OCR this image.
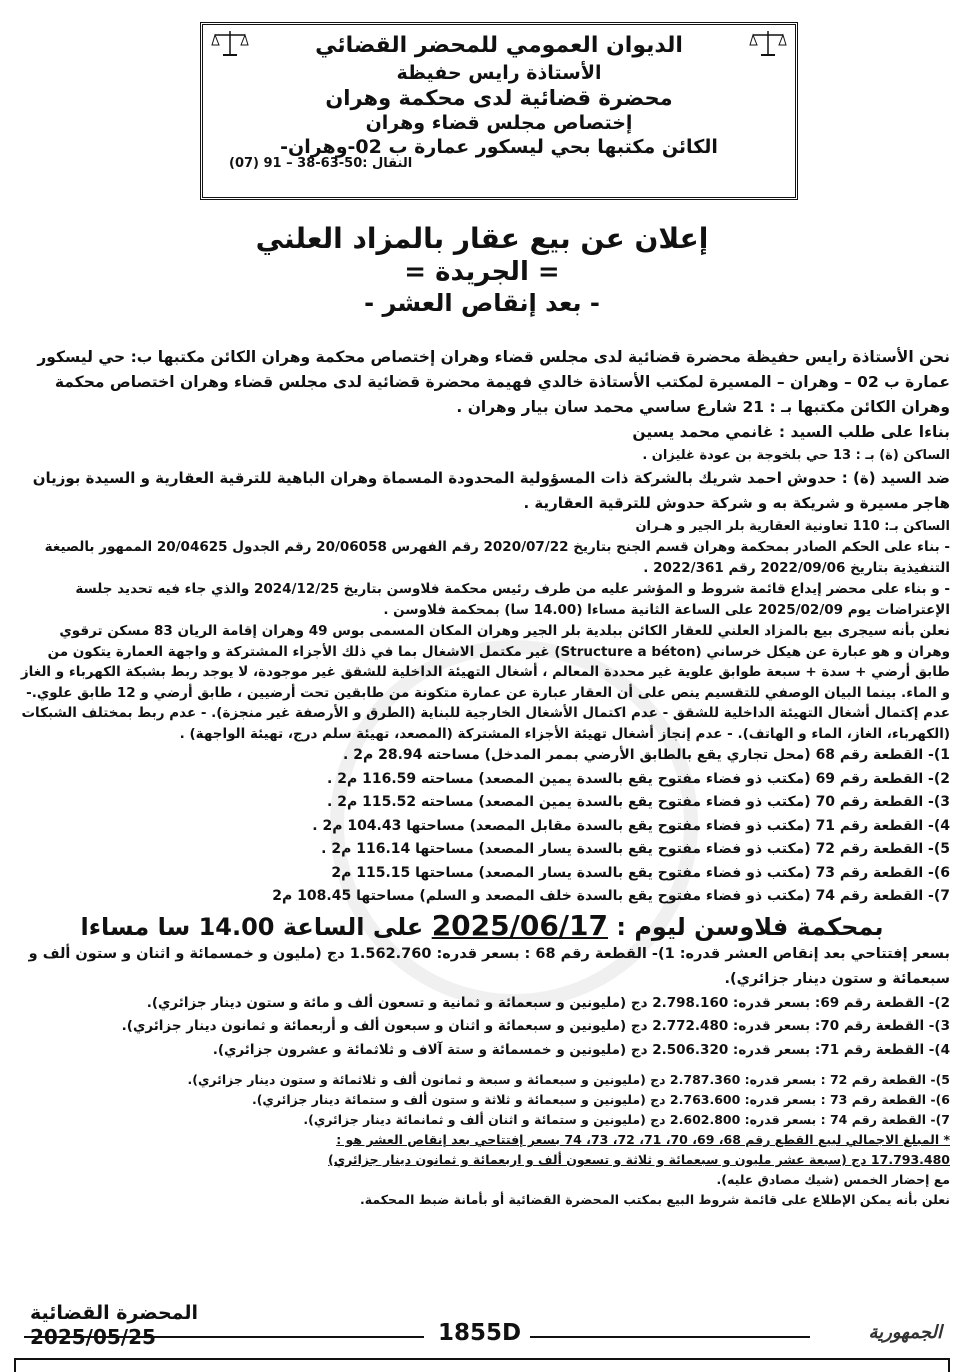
الديوان العمومي للمحضر القضائي
الأستاذة رايس حفيظة
محضرة قضائية لدى محكمة وهران
إختصاص مجلس قضاء وهران
الكائن مكتبها بحي ليسكور عمارة ب 02-وهران-
النقال :50-63-38 – 91 (07)
إعلان عن بيع عقار بالمزاد العلني
= الجريدة =
- بعد إنقاص العشر -

نحن الأستاذة رايس حفيظة محضرة قضائية لدى مجلس قضاء وهران إختصاص محكمة وهران الكائن مكتبها ب: حي ليسكور عمارة ب 02 – وهران – المسيرة لمكتب الأستاذة خالدي فهيمة محضرة قضائية لدى مجلس قضاء وهران اختصاص محكمة وهران الكائن مكتبها بـ : 21 شارع ساسي محمد سان بيار وهران .

بناءا على طلب السيد : غانمي محمد يسين

الساكن (ة) بـ : 13 حي بلخوجة بن عودة غليزان .

ضد السيد (ة) : حدوش احمد شريك بالشركة ذات المسؤولية المحدودة المسماة وهران الباهية للترقية العقارية و السيدة بوزيان هاجر مسيرة و شريكة به و شركة حدوش للترقية العقارية .

الساكن بـ: 110 تعاونية العقارية بلر الجير و هـران

- بناء على الحكم الصادر بمحكمة وهران قسم الجنح بتاريخ 2020/07/22 رقم الفهرس 20/06058 رقم الجدول 20/04625 الممهور بالصيغة التنفيذية بتاريخ 2022/09/06 رقم 2022/361 .

- و بناء على محضر إيداع قائمة شروط و المؤشر عليه من طرف رئيس محكمة فلاوسن بتاريخ 2024/12/25 والذي جاء فيه تحديد جلسة الإعتراضات يوم 2025/02/09 على الساعة الثانية مساءا (14.00 سا) بمحكمة فلاوسن .

نعلن بأنه سيجرى بيع بالمزاد العلني للعقار الكائن ببلدية بلر الجير وهران المكان المسمى بوس 49 وهران إقامة الريان 83 مسكن ترقوي وهران و هو عبارة عن هيكل خرساني (Structure a béton) غير مكتمل الاشغال بما في ذلك الأجزاء المشتركة و واجهة العمارة يتكون من طابق أرضي + سدة + سبعة طوابق علوية غير محددة المعالم ، أشغال التهيئة الداخلية للشقق غير موجودة، لا يوجد ربط بشبكة الكهرباء و الغاز و الماء. بينما البيان الوصفي للتقسيم ينص على أن العقار عبارة عن عمارة متكونة من طابقين تحت أرضيين ، طابق أرضي و 12 طابق علوي.- عدم إكتمال أشغال التهيئة الداخلية للشقق - عدم اكتمال الأشغال الخارجية للبناية (الطرق و الأرصفة غير منجزة). - عدم ربط بمختلف الشبكات (الكهرباء، الغاز، الماء و الهاتف). - عدم إنجاز أشغال تهيئة الأجزاء المشتركة (المصعد، تهيئة سلم درج، تهيئة الواجهة) .

1)- القطعة رقم 68 (محل تجاري يقع بالطابق الأرضي بممر المدخل) مساحته 28.94 م2 .
2)- القطعة رقم 69 (مكتب ذو فضاء مفتوح يقع بالسدة يمين المصعد) مساحته 116.59 م2 .
3)- القطعة رقم 70 (مكتب ذو فضاء مفتوح يقع بالسدة يمين المصعد) مساحته 115.52 م2 .
4)- القطعة رقم 71 (مكتب ذو فضاء مفتوح يقع بالسدة مقابل المصعد) مساحتها 104.43 م2 .
5)- القطعة رقم 72 (مكتب ذو فضاء مفتوح يقع بالسدة يسار المصعد) مساحتها 116.14 م2 .
6)- القطعة رقم 73 (مكتب ذو فضاء مفتوح يقع بالسدة يسار المصعد) مساحتها 115.15 م2
7)- القطعة رقم 74 (مكتب ذو فضاء مفتوح يقع بالسدة خلف المصعد و السلم) مساحتها 108.45 م2
بمحكمة فلاوسن ليوم : 2025/06/17 على الساعة 14.00 سا مساءا

بسعر إفتتاحي بعد إنقاص العشر قدره: 1)- القطعة رقم 68 : بسعر قدره: 1.562.760 دج (مليون و خمسمائة و اثنان و ستون ألف و سبعمائة و ستون دينار جزائري).

2)- القطعة رقم 69: بسعر قدره: 2.798.160 دج (مليونين و سبعمائة و ثمانية و تسعون ألف و مائة و ستون دينار جزائري).
3)- القطعة رقم 70: بسعر قدره: 2.772.480 دج (مليونين و سبعمائة و اثنان و سبعون ألف و أربعمائة و ثمانون دينار جزائري).
4)- القطعة رقم 71: بسعر قدره: 2.506.320 دج (مليونين و خمسمائة و ستة آلاف و ثلاثمائة و عشرون جزائري).
5)- القطعة رقم 72 : بسعر قدره: 2.787.360 دج (مليونين و سبعمائة و سبعة و ثمانون ألف و ثلاثمائة و ستون دينار جزائري).
6)- القطعة رقم 73 : بسعر قدره: 2.763.600 دج (مليونين و سبعمائة و ثلاثة و ستون ألف و ستمائة دينار جزائري).
7)- القطعة رقم 74 : بسعر قدره: 2.602.800 دج (مليونين و ستمائة و اثنان ألف و ثمانمائة دينار جزائري).
* المبلغ الاجمالي لبيع القطع رقم 68، 69، 70، 71، 72، 73، 74 بسعر إفتتاحي بعد إنقاص العشر هو :
17.793.480 دج (سبعة عشر مليون و سبعمائة و ثلاثة و تسعون ألف و اربعمائة و ثمانون دينار جزائري)
مع إحضار الخمس (شيك مصادق عليه).
نعلن بأنه يمكن الإطلاع على قائمة شروط البيع بمكتب المحضرة القضائية أو بأمانة ضبط المحكمة.
المحضرة القضائية
2025/05/25	1855D	الجمهورية
